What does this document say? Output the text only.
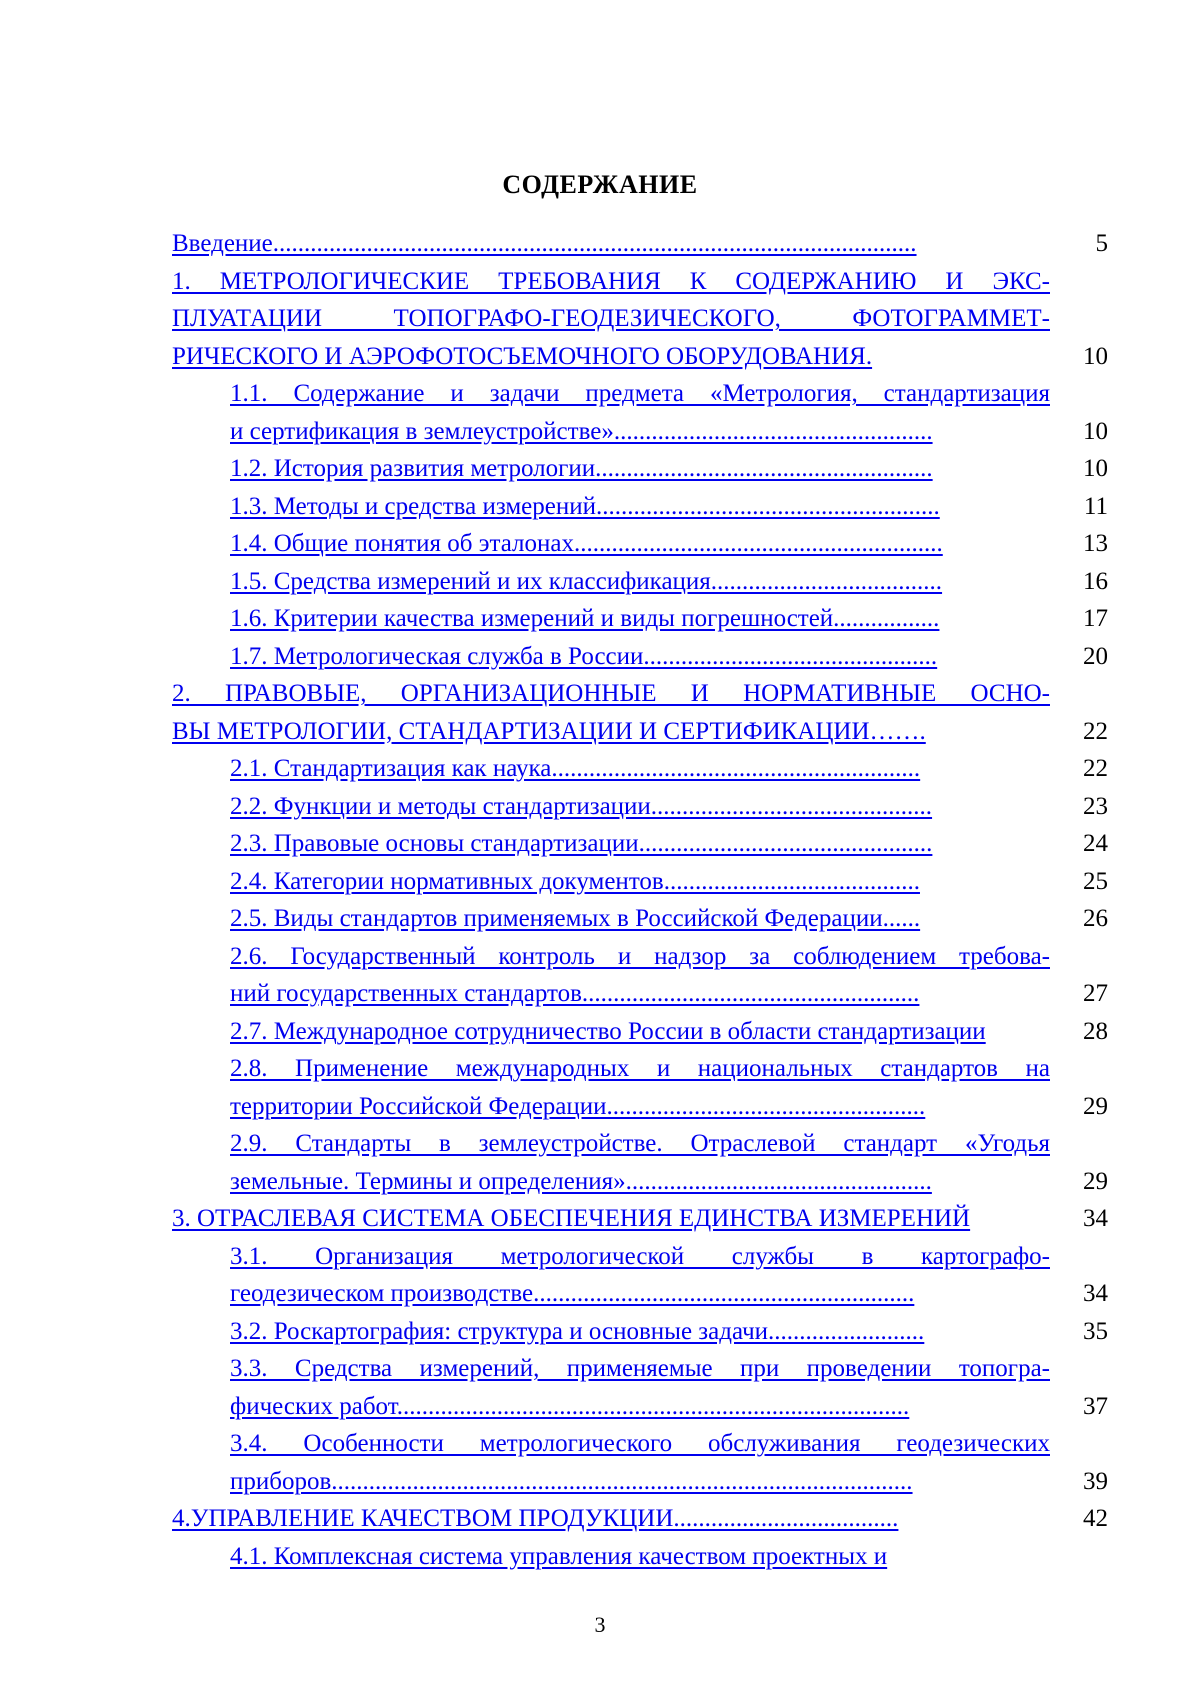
СОДЕРЖАНИЕ
Введение.......................................................................................................	5
1. МЕТРОЛОГИЧЕСКИЕ ТРЕБОВАНИЯ К СОДЕРЖАНИЮ И ЭКС-
ПЛУАТАЦИИ ТОПОГРАФО-ГЕОДЕЗИЧЕСКОГО, ФОТОГРАММЕТ-
РИЧЕСКОГО И АЭРОФОТОСЪЕМОЧНОГО ОБОРУДОВАНИЯ.	10
1.1. Содержание и задачи предмета «Метрология, стандартизация
и сертификация в землеустройстве»...................................................	10
1.2. История развития метрологии......................................................	10
1.3. Методы и средства измерений.......................................................	11
1.4. Общие понятия об эталонах...........................................................	13
1.5. Средства измерений и их классификация.....................................	16
1.6. Критерии качества измерений и виды погрешностей.................	17
1.7. Метрологическая служба в России...............................................	20
2. ПРАВОВЫЕ, ОРГАНИЗАЦИОННЫЕ И НОРМАТИВНЫЕ ОСНО-
ВЫ МЕТРОЛОГИИ, СТАНДАРТИЗАЦИИ И СЕРТИФИКАЦИИ…….	22
2.1. Стандартизация как наука...........................................................	22
2.2. Функции и методы стандартизации.............................................	23
2.3. Правовые основы стандартизации...............................................	24
2.4. Категории нормативных документов.........................................	25
2.5. Виды стандартов применяемых в Российской Федерации......	26
2.6. Государственный контроль и надзор за соблюдением требова-
ний государственных стандартов......................................................	27
2.7. Международное сотрудничество России в области стандартизации	28
2.8. Применение международных и национальных стандартов на
территории Российской Федерации...................................................	29
2.9. Стандарты в землеустройстве. Отраслевой стандарт «Угодья
земельные. Термины и определения».................................................	29
3. ОТРАСЛЕВАЯ СИСТЕМА ОБЕСПЕЧЕНИЯ ЕДИНСТВА ИЗМЕРЕНИЙ	34
3.1. Организация метрологической службы в картографо-
геодезическом производстве.............................................................	34
3.2. Роскартография: структура и основные задачи.........................	35
3.3. Средства измерений, применяемые при проведении топогра-
фических работ..................................................................................	37
3.4. Особенности метрологического обслуживания геодезических
приборов.............................................................................................	39
4.УПРАВЛЕНИЕ КАЧЕСТВОМ ПРОДУКЦИИ....................................	42
4.1. Комплексная система управления качеством проектных и
3
